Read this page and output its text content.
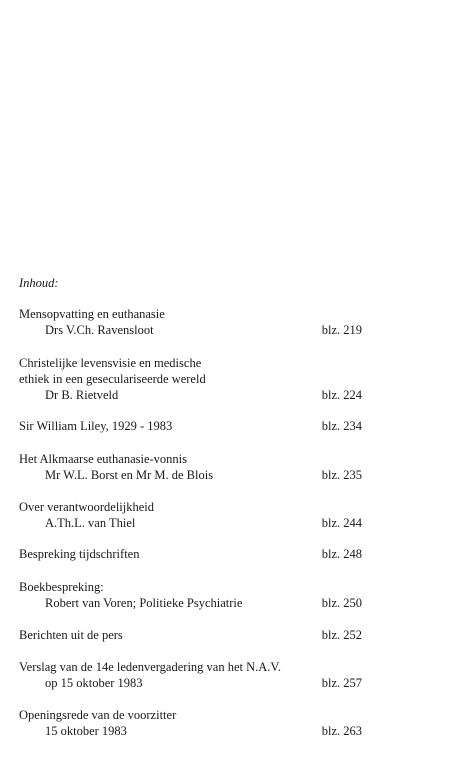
Inhoud:
Mensopvatting en euthanasie
Drs V.Ch. Ravensloot	blz. 219
Christelijke levensvisie en medische
ethiek in een geseculariseerde wereld
Dr B. Rietveld	blz. 224
Sir William Liley, 1929 - 1983	blz. 234
Het Alkmaarse euthanasie-vonnis
Mr W.L. Borst en Mr M. de Blois	blz. 235
Over verantwoordelijkheid
A.Th.L. van Thiel	blz. 244
Bespreking tijdschriften	blz. 248
Boekbespreking:
Robert van Voren; Politieke Psychiatrie	blz. 250
Berichten uit de pers	blz. 252
Verslag van de 14e ledenvergadering van het N.A.V.
op 15 oktober 1983	blz. 257
Openingsrede van de voorzitter
15 oktober 1983	blz. 263
